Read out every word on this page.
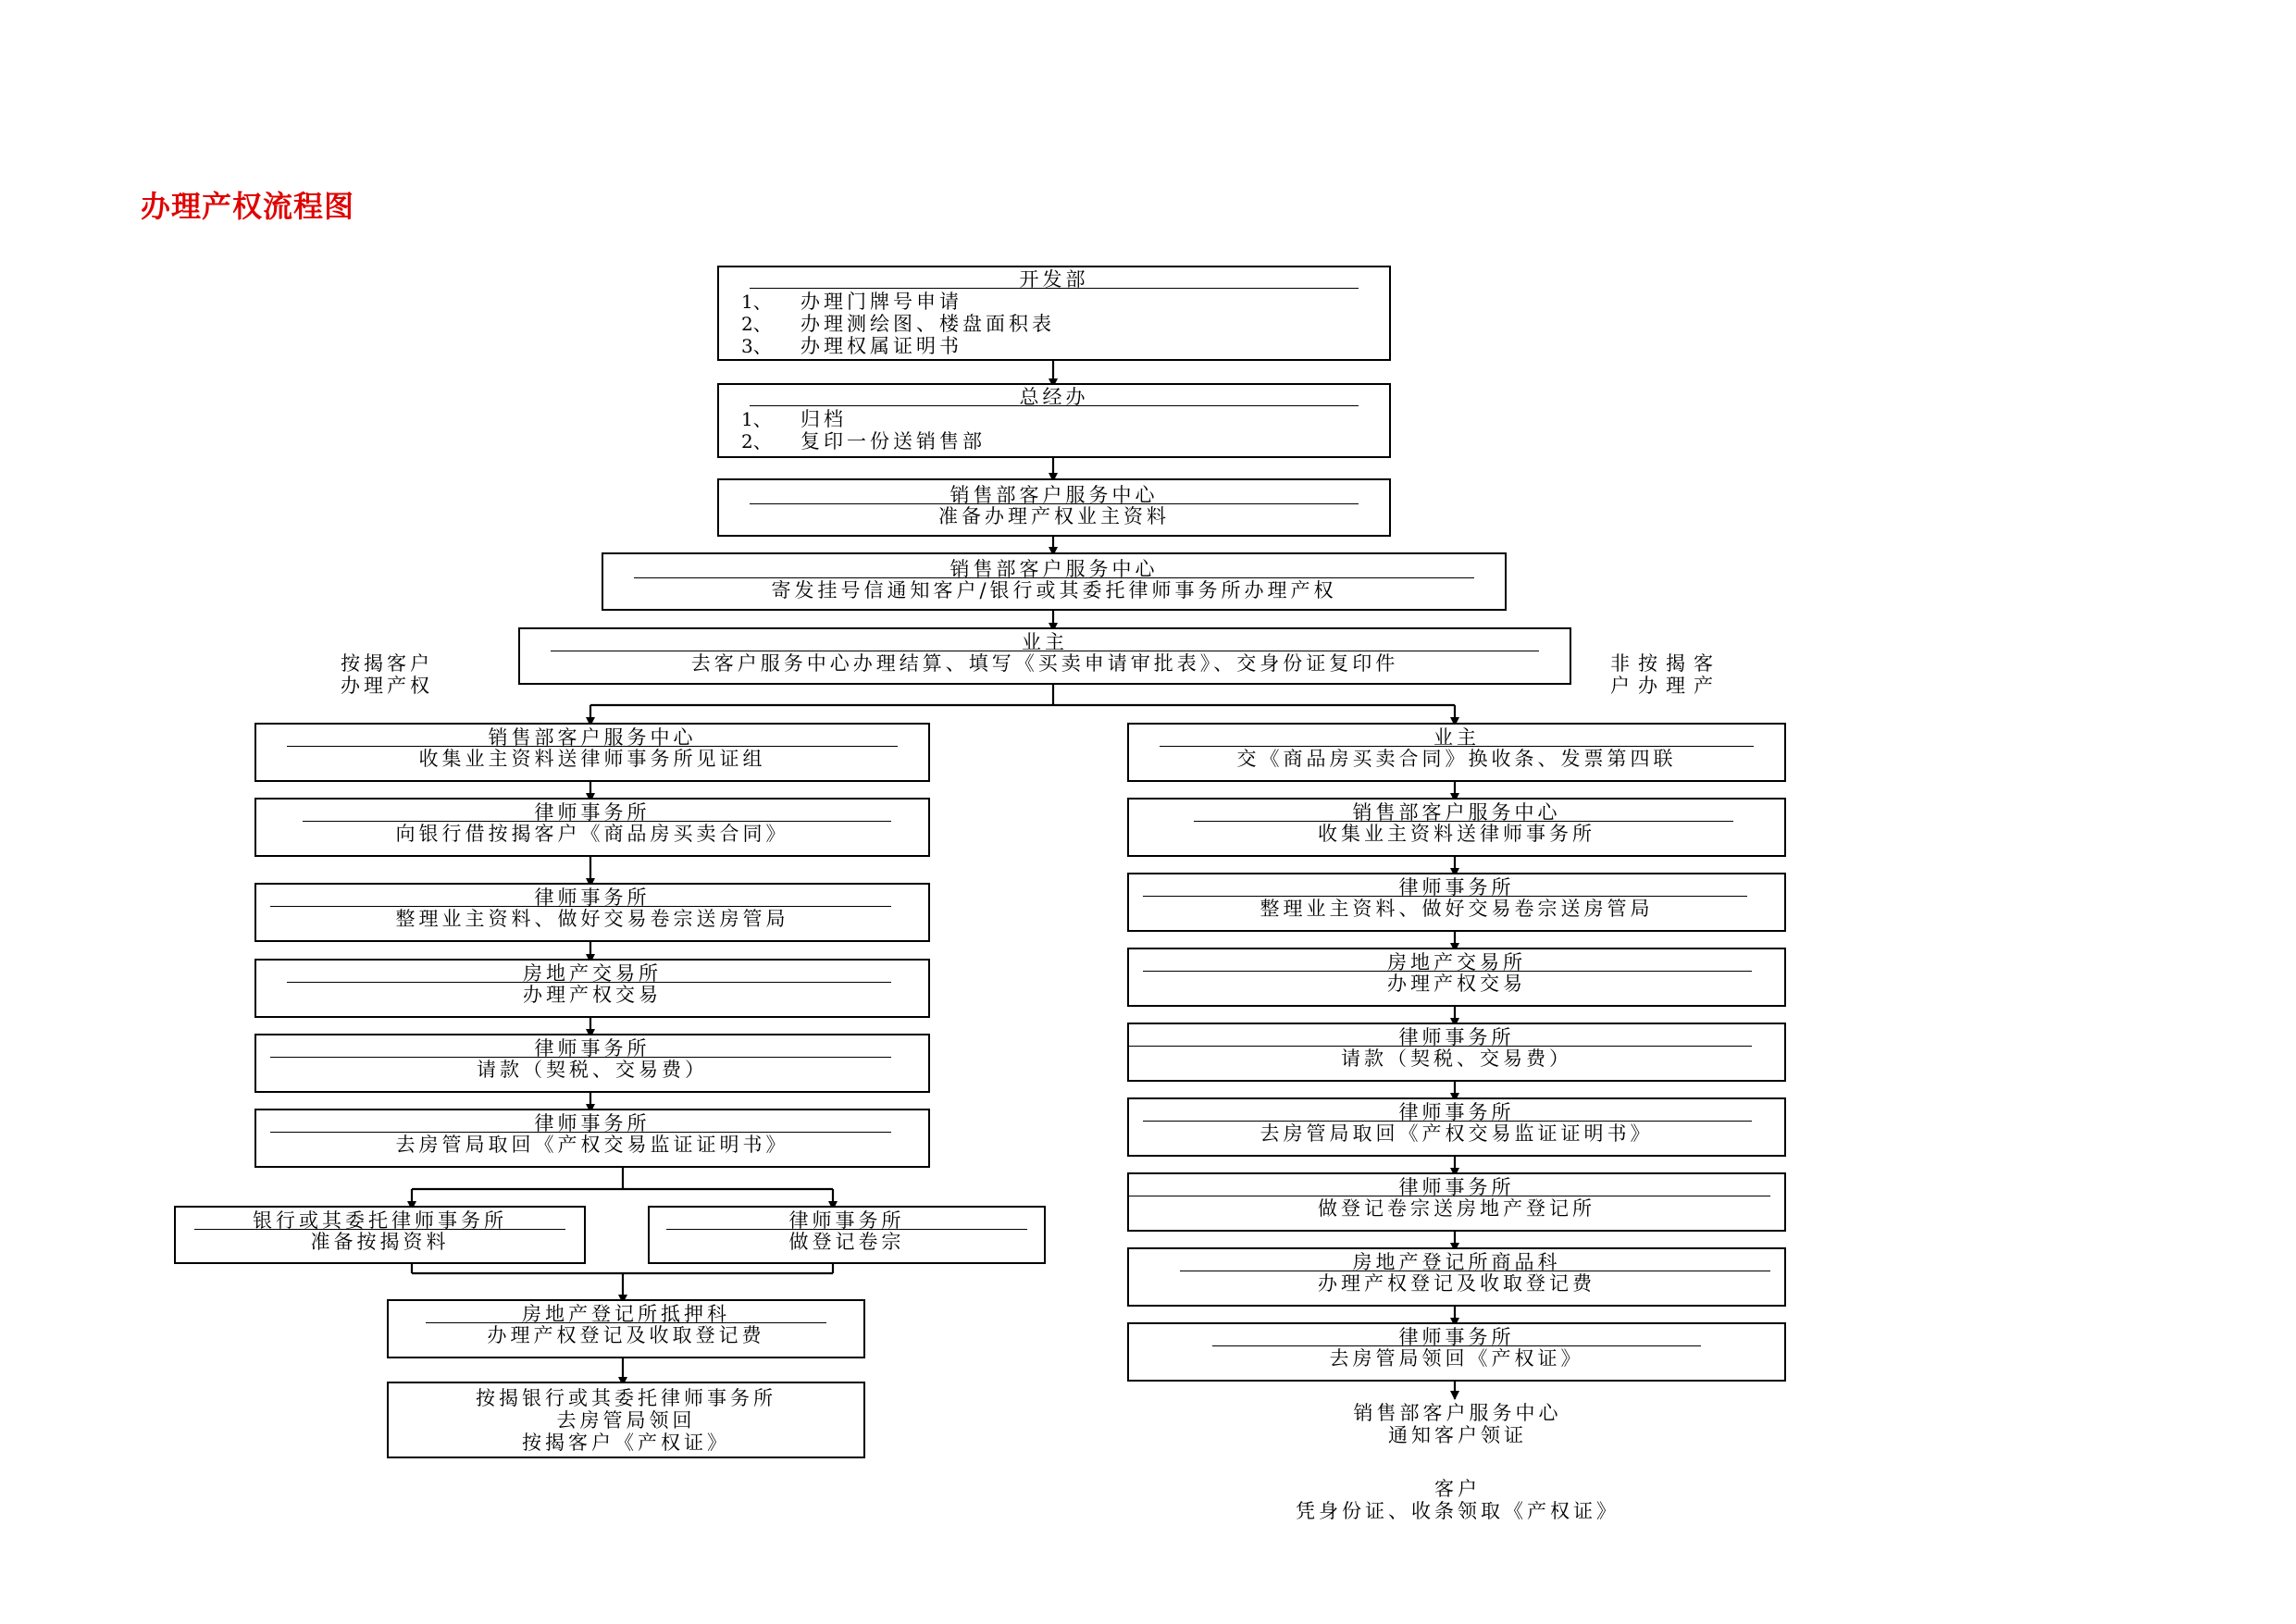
办理产权流程图
开发部
1、 办理门牌号申请
2、 办理测绘图、楼盘面积表
3、 办理权属证明书
总经办
1、 归档
2、 复印一份送销售部
销售部客户服务中心
准备办理产权业主资料
销售部客户服务中心
寄发挂号信通知客户/银行或其委托律师事务所办理产权
业主
去客户服务中心办理结算、填写《买卖申请审批表》、交身份证复印件
按揭客户
办理产权
非按揭客
户办理产
销售部客户服务中心
收集业主资料送律师事务所见证组
律师事务所
向银行借按揭客户《商品房买卖合同》
律师事务所
整理业主资料、做好交易卷宗送房管局
房地产交易所
办理产权交易
律师事务所
请款（契税、交易费）
律师事务所
去房管局取回《产权交易监证证明书》
银行或其委托律师事务所
准备按揭资料
律师事务所
做登记卷宗
房地产登记所抵押科
办理产权登记及收取登记费
按揭银行或其委托律师事务所
去房管局领回
按揭客户《产权证》
业主
交《商品房买卖合同》换收条、发票第四联
销售部客户服务中心
收集业主资料送律师事务所
律师事务所
整理业主资料、做好交易卷宗送房管局
房地产交易所
办理产权交易
律师事务所
请款（契税、交易费）
律师事务所
去房管局取回《产权交易监证证明书》
律师事务所
做登记卷宗送房地产登记所
房地产登记所商品科
办理产权登记及收取登记费
律师事务所
去房管局领回《产权证》
销售部客户服务中心
通知客户领证
客户
凭身份证、收条领取《产权证》
